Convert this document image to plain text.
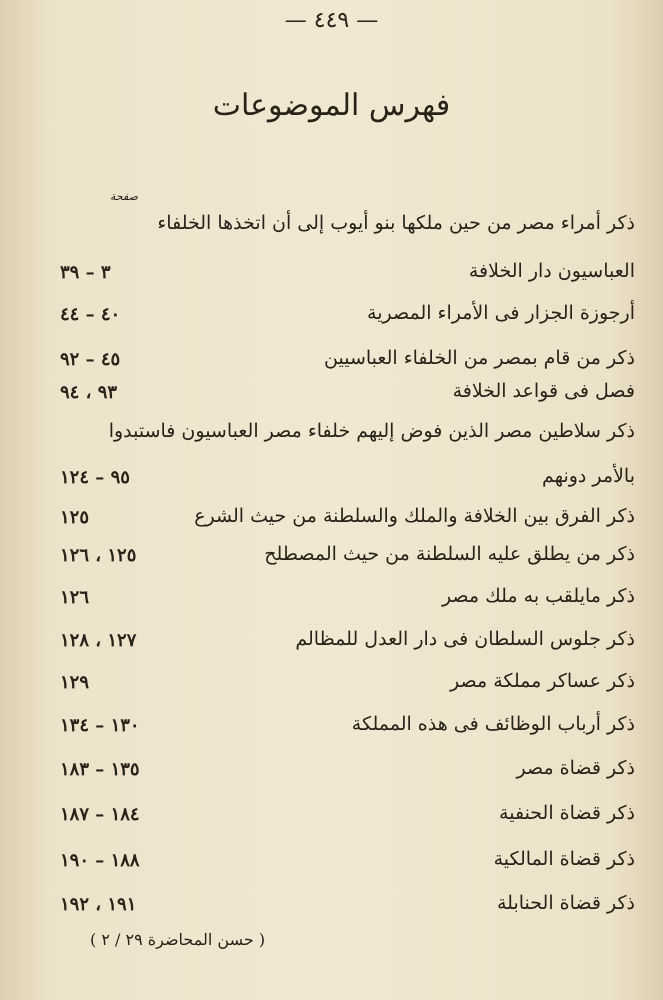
— ٤٤٩ —
فهرس الموضوعات
صفحة
ذكر أمراء مصر من حين ملكها بنو أيوب إلى أن اتخذها الخلفاء
العباسيون دار الخلافة
٣ – ٣٩
أرجوزة الجزار فى الأمراء المصرية
٤٠ – ٤٤
ذكر من قام بمصر من الخلفاء العباسيين
٤٥ – ٩٢
فصل فى قواعد الخلافة
٩٣ ، ٩٤
ذكر سلاطين مصر الذين فوض إليهم خلفاء مصر العباسيون فاستبدوا
بالأمر دونهم
٩٥ – ١٢٤
ذكر الفرق بين الخلافة والملك والسلطنة من حيث الشرع
١٢٥
ذكر من يطلق عليه السلطنة من حيث المصطلح
١٢٥ ، ١٢٦
ذكر مايلقب به ملك مصر
١٢٦
ذكر جلوس السلطان فى دار العدل للمظالم
١٢٧ ، ١٢٨
ذكر عساكر مملكة مصر
١٢٩
ذكر أرباب الوظائف فى هذه المملكة
١٣٠ – ١٣٤
ذكر قضاة مصر
١٣٥ – ١٨٣
ذكر قضاة الحنفية
١٨٤ – ١٨٧
ذكر قضاة المالكية
١٨٨ – ١٩٠
ذكر قضاة الحنابلة
١٩١ ، ١٩٢
( حسن المحاضرة ٢٩ / ٢ )
